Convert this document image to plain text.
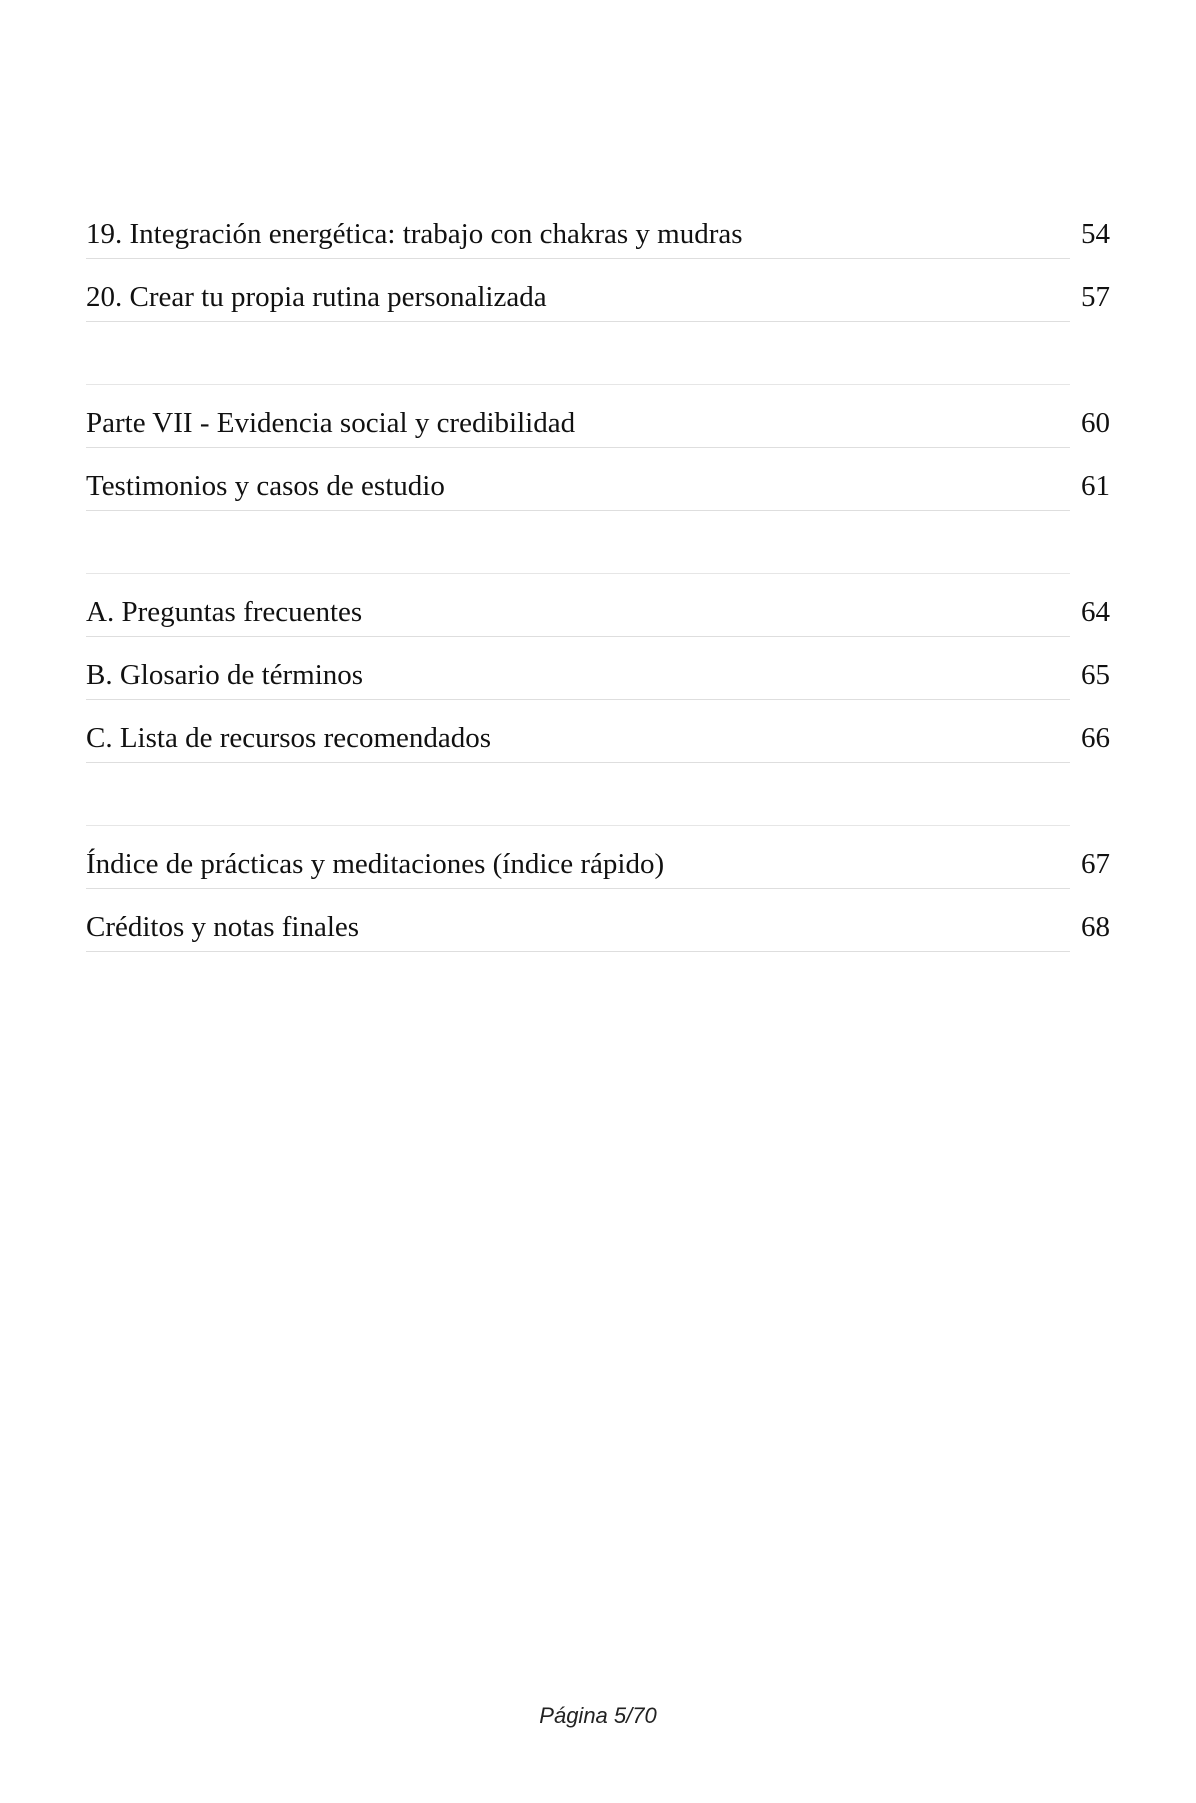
19. Integración energética: trabajo con chakras y mudras	54
20. Crear tu propia rutina personalizada	57
Parte VII - Evidencia social y credibilidad	60
Testimonios y casos de estudio	61
A. Preguntas frecuentes	64
B. Glosario de términos	65
C. Lista de recursos recomendados	66
Índice de prácticas y meditaciones (índice rápido)	67
Créditos y notas finales	68
Página 5/70
